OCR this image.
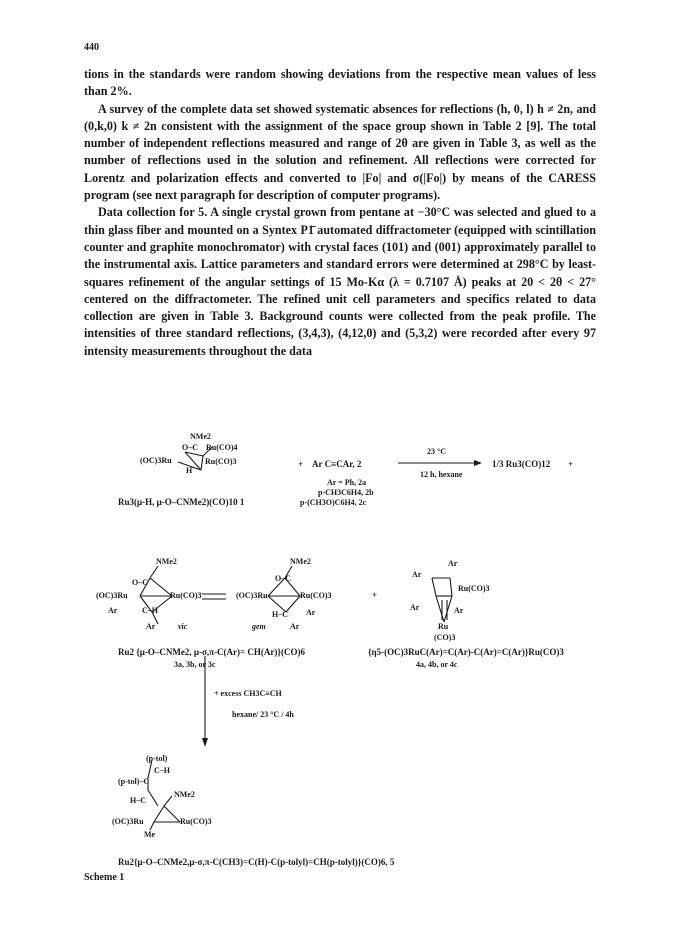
440

tions in the standards were random showing deviations from the respective mean values of less than 2%.

A survey of the complete data set showed systematic absences for reflections (h, 0, l) h ≠ 2n, and (0,k,0) k ≠ 2n consistent with the assignment of the space group shown in Table 2 [9]. The total number of independent reflections measured and range of 2θ are given in Table 3, as well as the number of reflections used in the solution and refinement. All reflections were corrected for Lorentz and polarization effects and converted to |Fo| and σ(|Fo|) by means of the CARESS program (see next paragraph for description of computer programs).

Data collection for 5. A single crystal grown from pentane at −30°C was selected and glued to a thin glass fiber and mounted on a Syntex P1̄ automated diffractometer (equipped with scintillation counter and graphite monochromator) with crystal faces (101) and (001) approximately parallel to the instrumental axis. Lattice parameters and standard errors were determined at 298°C by least-squares refinement of the angular settings of 15 Mo-Kα (λ = 0.7107 Å) peaks at 20 < 2θ < 27° centered on the diffractometer. The refined unit cell parameters and specifics related to data collection are given in Table 3. Background counts were collected from the peak profile. The intensities of three standard reflections, (3,4,3), (4,12,0) and (5,3,2) were recorded after every 97 intensity measurements throughout the data

NMe2
O–C Ru(CO)4
(OC)3Ru	Ru(CO)3
H
Ru3(μ-H, μ-O–CNMe2)(CO)10 1
+ Ar C≡CAr, 2
Ar = Ph, 2a
p-CH3C6H4, 2b
p-(CH3O)C6H4, 2c
23 °C
12 h, hexane
1/3 Ru3(CO)12 +
NMe2
O–C
(OC)3Ru	Ru(CO)3
Ar	C–H
Ar	vic
NMe2
O–C
(OC)3Ru	Ru(CO)3
H–C Ar
Ar
gem
Ru2 {μ-O–CNMe2, μ-σ,π-C(Ar)= CH(Ar)}(CO)6
3a, 3b, or 3c
+
Ar
Ar
Ru(CO)3
Ar	Ar
Ru
(CO)3
{η5-(OC)3RuC(Ar)=C(Ar)-C(Ar)=C(Ar)}Ru(CO)3
4a, 4b, or 4c
+ excess CH3C≡CH
hexane/ 23 °C / 4h
(p-tol)
C–H
(p-tol)–C
H–C
NMe2
(OC)3Ru	Ru(CO)3
Me
Ru2{μ-O–CNMe2,μ-σ,π-C(CH3)=C(H)-C(p-tolyl)=CH(p-tolyl)}(CO)6, 5
Scheme 1
